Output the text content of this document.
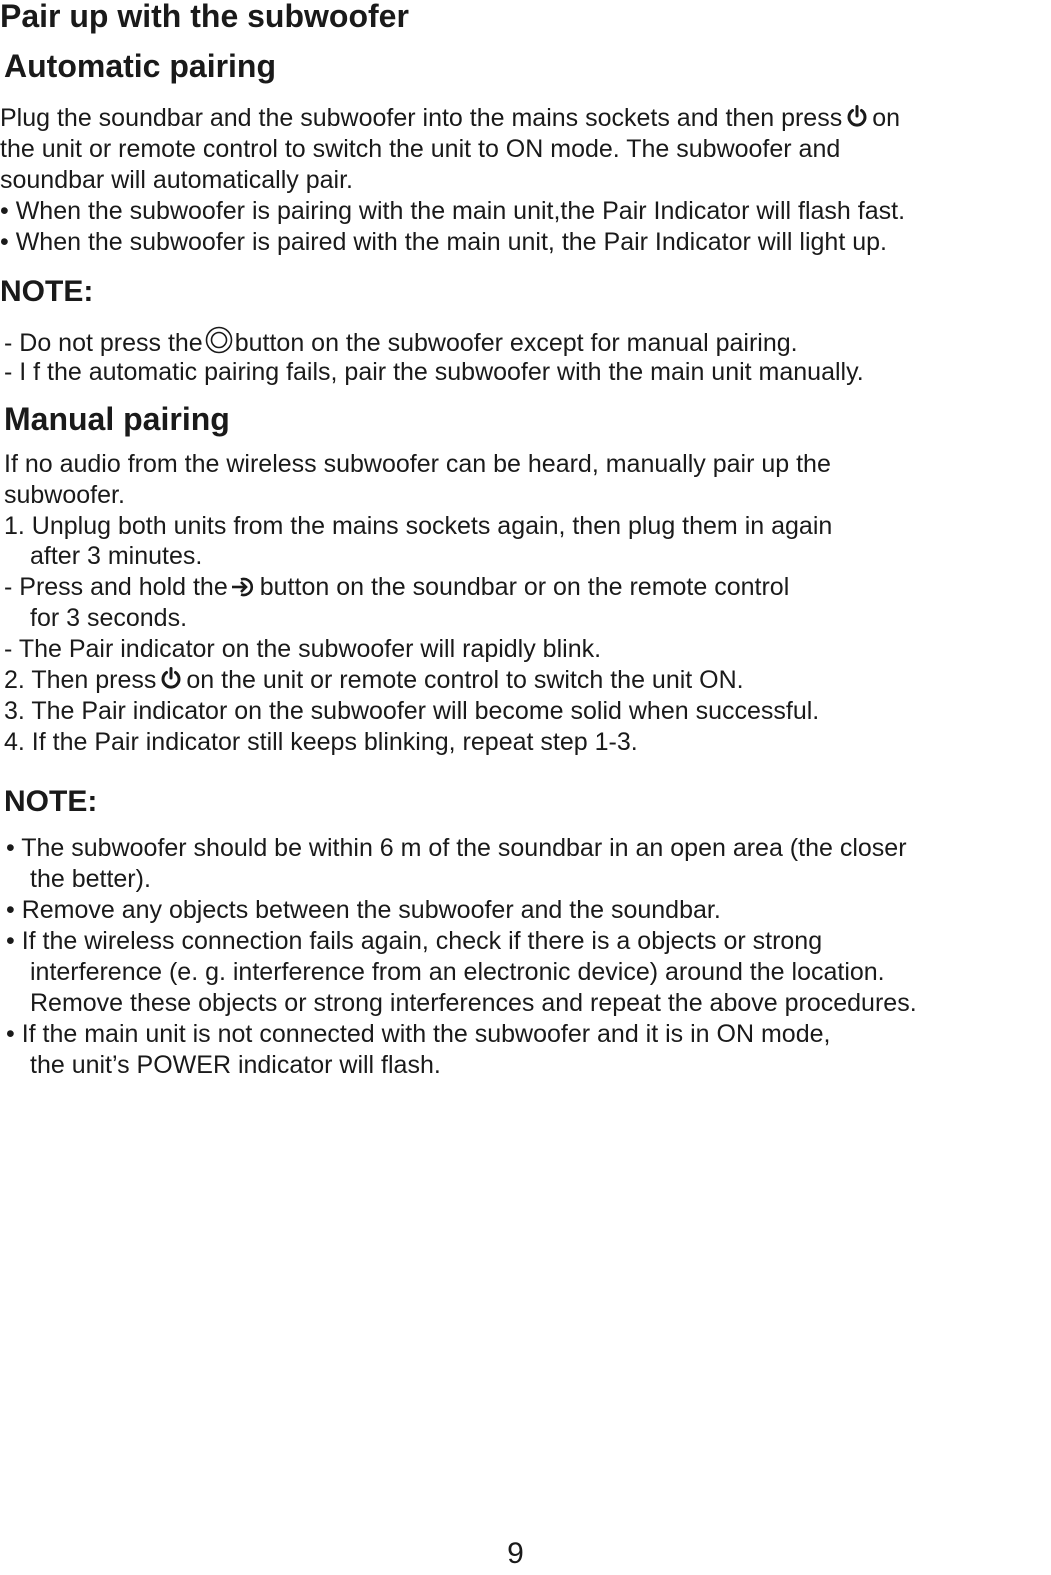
Pair up with the subwoofer
Automatic pairing
Plug the soundbar and the subwoofer into the mains sockets and then press on
the unit or remote control to switch the unit to ON mode. The subwoofer and
soundbar will automatically pair.
• When the subwoofer is pairing with the main unit,the Pair Indicator will flash fast.
• When the subwoofer is paired with the main unit, the Pair Indicator will light up.
NOTE:
- Do not press the button on the subwoofer except for manual pairing.
- I f the automatic pairing fails, pair the subwoofer with the main unit manually.
Manual pairing
If no audio from the wireless subwoofer can be heard, manually pair up the
subwoofer.
1. Unplug both units from the mains sockets again, then plug them in again
after 3 minutes.
- Press and hold the button on the soundbar or on the remote control
for 3 seconds.
- The Pair indicator on the subwoofer will rapidly blink.
2. Then press on the unit or remote control to switch the unit ON.
3. The Pair indicator on the subwoofer will become solid when successful.
4. If the Pair indicator still keeps blinking, repeat step 1-3.
NOTE:
• The subwoofer should be within 6 m of the soundbar in an open area (the closer
the better).
• Remove any objects between the subwoofer and the soundbar.
• If the wireless connection fails again, check if there is a objects or strong
interference (e. g. interference from an electronic device) around the location.
Remove these objects or strong interferences and repeat the above procedures.
• If the main unit is not connected with the subwoofer and it is in ON mode,
the unit’s POWER indicator will flash.
9
